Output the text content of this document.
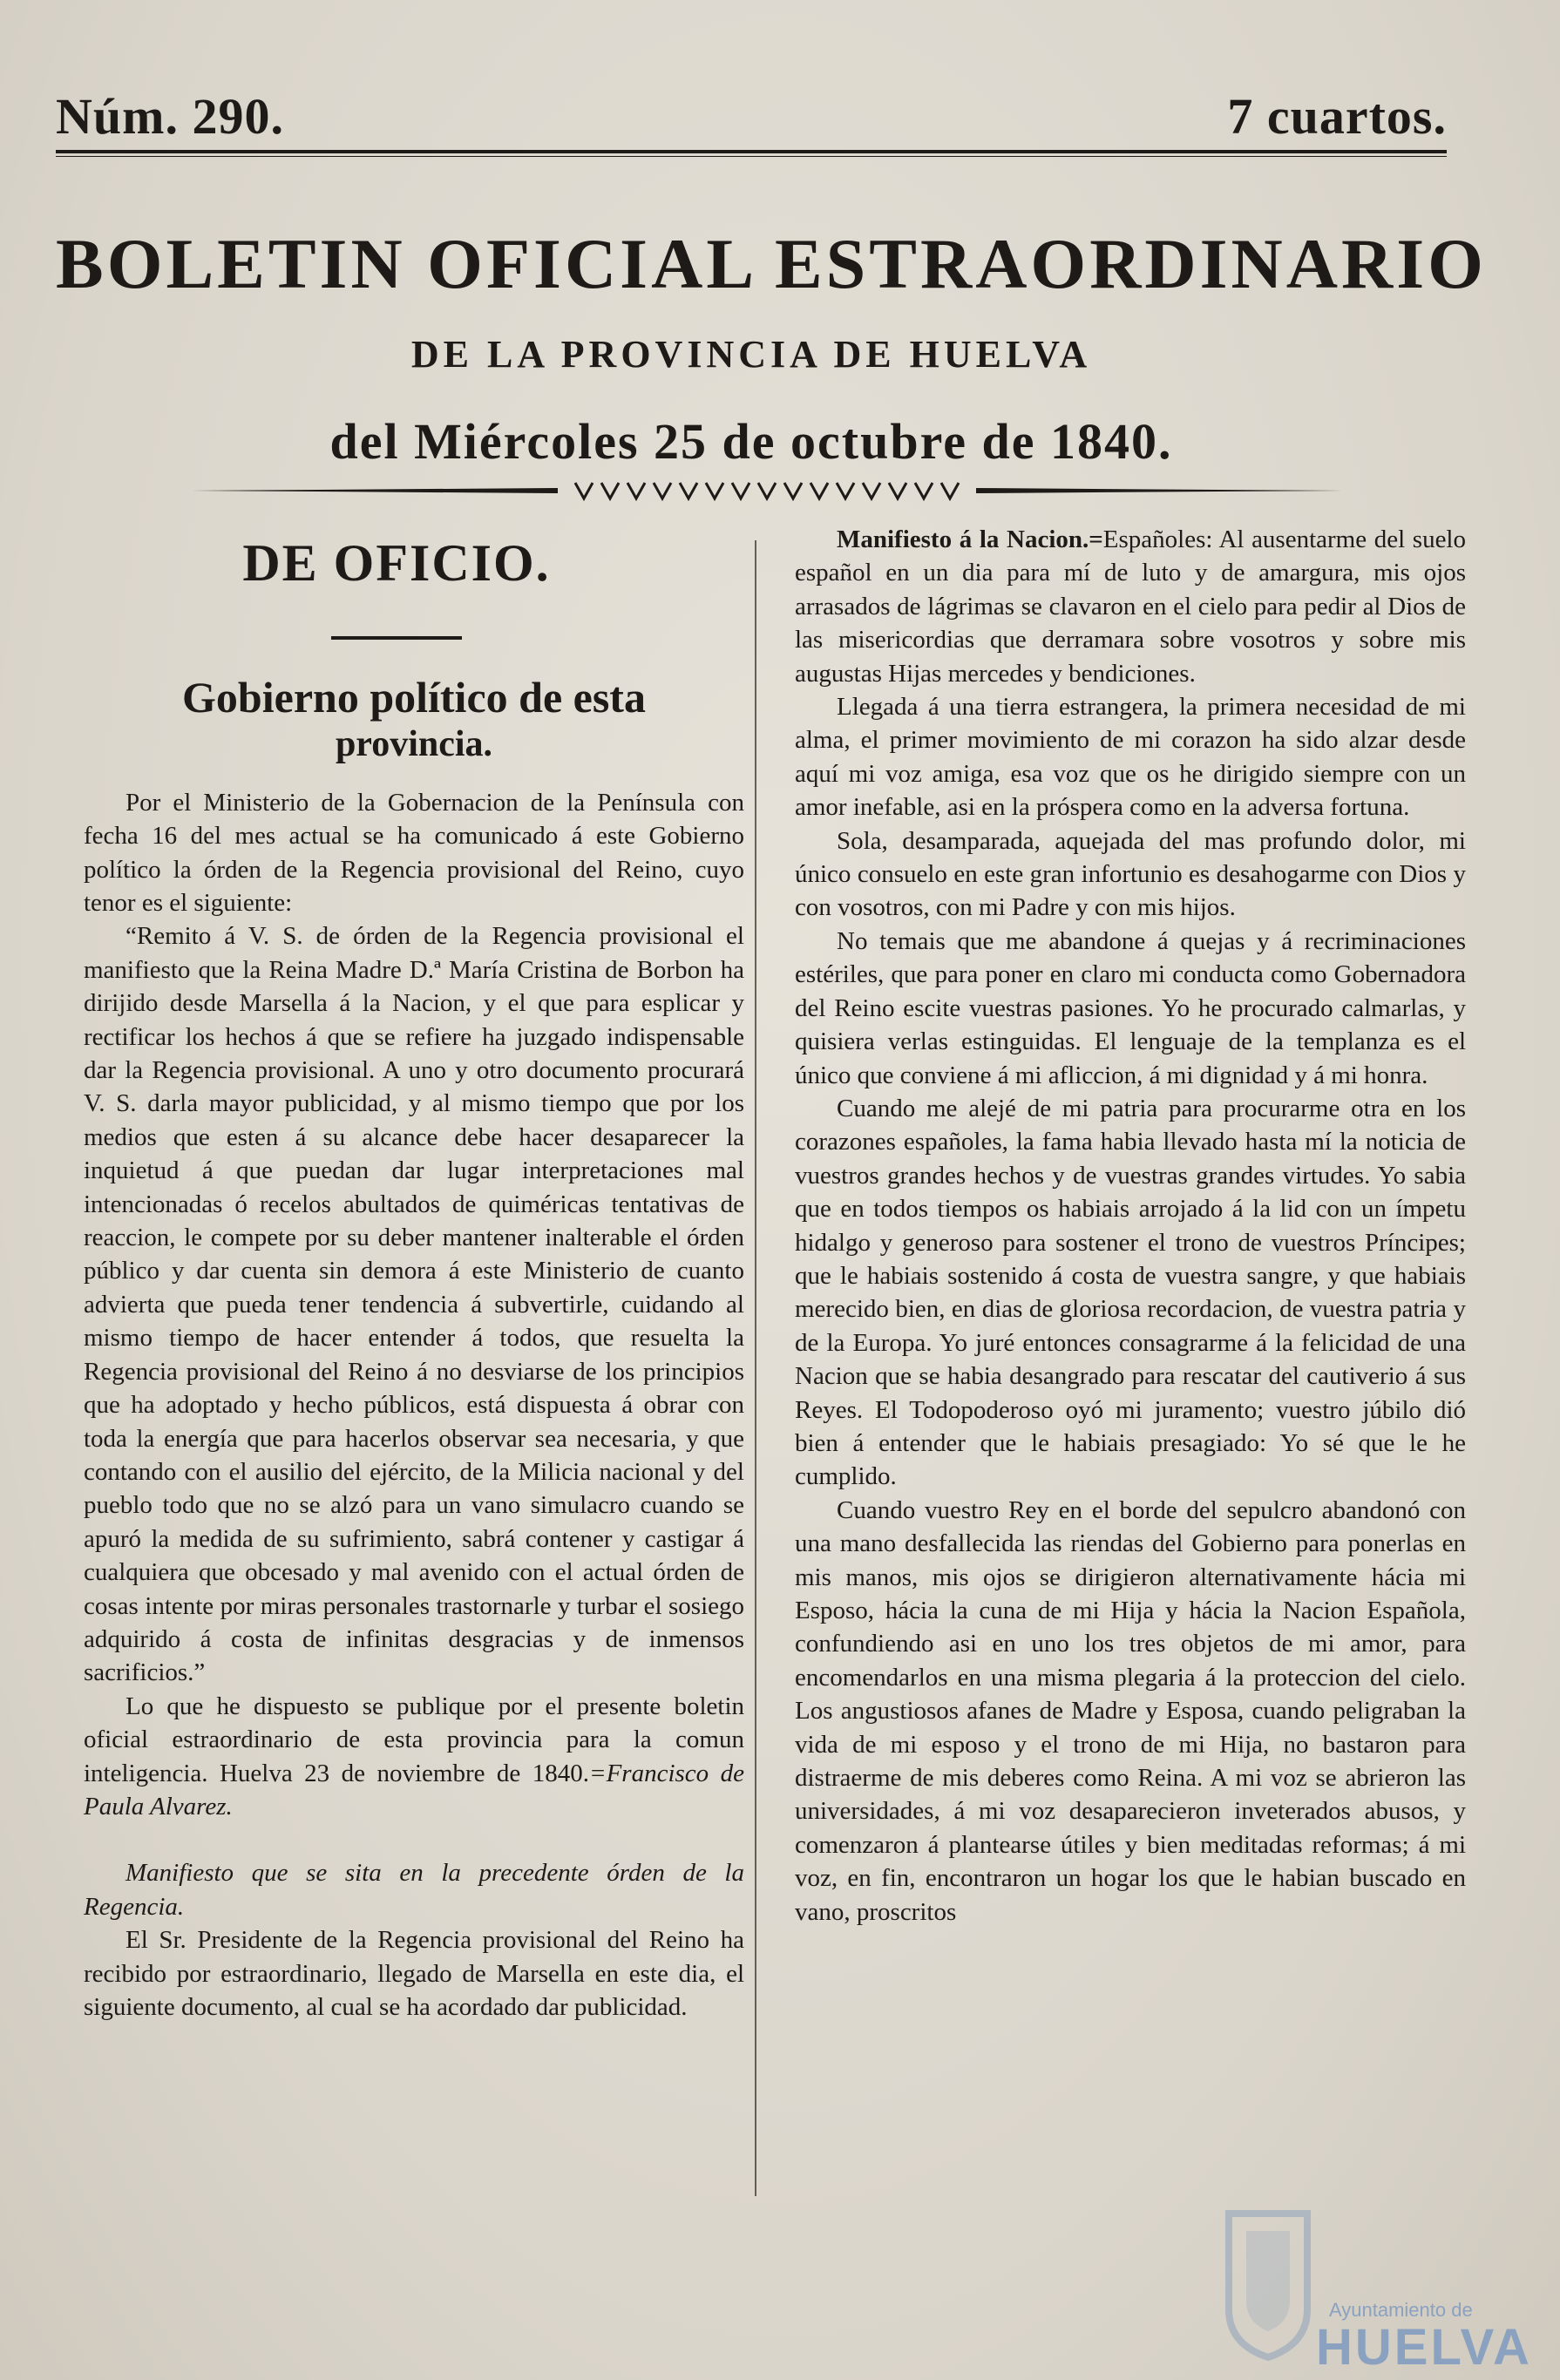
Núm. 290.	7 cuartos.
BOLETIN OFICIAL ESTRAORDINARIO
DE LA PROVINCIA DE HUELVA
del Miércoles 25 de octubre de 1840.
DE OFICIO.
Gobierno político de esta
provincia.

Por el Ministerio de la Gobernacion de la Península con fecha 16 del mes actual se ha comunicado á este Gobierno político la órden de la Regencia provisional del Reino, cuyo tenor es el siguiente:

“Remito á V. S. de órden de la Regencia provisional el manifiesto que la Reina Madre D.ª María Cristina de Borbon ha dirijido desde Marsella á la Nacion, y el que para esplicar y rectificar los hechos á que se refiere ha juzgado indispensable dar la Regencia provisional. A uno y otro documento procurará V. S. darla mayor publicidad, y al mismo tiempo que por los medios que esten á su alcance debe hacer desaparecer la inquietud á que puedan dar lugar interpretaciones mal intencionadas ó recelos abultados de quiméricas tentativas de reaccion, le compete por su deber mantener inalterable el órden público y dar cuenta sin demora á este Ministerio de cuanto advierta que pueda tener tendencia á subvertirle, cuidando al mismo tiempo de hacer entender á todos, que resuelta la Regencia provisional del Reino á no desviarse de los principios que ha adoptado y hecho públicos, está dispuesta á obrar con toda la energía que para hacerlos observar sea necesaria, y que contando con el ausilio del ejército, de la Milicia nacional y del pueblo todo que no se alzó para un vano simulacro cuando se apuró la medida de su sufrimiento, sabrá contener y castigar á cualquiera que obcesado y mal avenido con el actual órden de cosas intente por miras personales trastornarle y turbar el sosiego adquirido á costa de infinitas desgracias y de inmensos sacrificios.”

Lo que he dispuesto se publique por el presente boletin oficial estraordinario de esta provincia para la comun inteligencia. Huelva 23 de noviembre de 1840.=Francisco de Paula Alvarez.

Manifiesto que se sita en la precedente órden de la Regencia.

El Sr. Presidente de la Regencia provisional del Reino ha recibido por estraordinario, llegado de Marsella en este dia, el siguiente documento, al cual se ha acordado dar publicidad.

Manifiesto á la Nacion.=Españoles: Al ausentarme del suelo español en un dia para mí de luto y de amargura, mis ojos arrasados de lágrimas se clavaron en el cielo para pedir al Dios de las misericordias que derramara sobre vosotros y sobre mis augustas Hijas mercedes y bendiciones.

Llegada á una tierra estrangera, la primera necesidad de mi alma, el primer movimiento de mi corazon ha sido alzar desde aquí mi voz amiga, esa voz que os he dirigido siempre con un amor inefable, asi en la próspera como en la adversa fortuna.

Sola, desamparada, aquejada del mas profundo dolor, mi único consuelo en este gran infortunio es desahogarme con Dios y con vosotros, con mi Padre y con mis hijos.

No temais que me abandone á quejas y á recriminaciones estériles, que para poner en claro mi conducta como Gobernadora del Reino escite vuestras pasiones. Yo he procurado calmarlas, y quisiera verlas estinguidas. El lenguaje de la templanza es el único que conviene á mi afliccion, á mi dignidad y á mi honra.

Cuando me alejé de mi patria para procurarme otra en los corazones españoles, la fama habia llevado hasta mí la noticia de vuestros grandes hechos y de vuestras grandes virtudes. Yo sabia que en todos tiempos os habiais arrojado á la lid con un ímpetu hidalgo y generoso para sostener el trono de vuestros Príncipes; que le habiais sostenido á costa de vuestra sangre, y que habiais merecido bien, en dias de gloriosa recordacion, de vuestra patria y de la Europa. Yo juré entonces consagrarme á la felicidad de una Nacion que se habia desangrado para rescatar del cautiverio á sus Reyes. El Todopoderoso oyó mi juramento; vuestro júbilo dió bien á entender que le habiais presagiado: Yo sé que le he cumplido.

Cuando vuestro Rey en el borde del sepulcro abandonó con una mano desfallecida las riendas del Gobierno para ponerlas en mis manos, mis ojos se dirigieron alternativamente hácia mi Esposo, hácia la cuna de mi Hija y hácia la Nacion Española, confundiendo asi en uno los tres objetos de mi amor, para encomendarlos en una misma plegaria á la proteccion del cielo. Los angustiosos afanes de Madre y Esposa, cuando peligraban la vida de mi esposo y el trono de mi Hija, no bastaron para distraerme de mis deberes como Reina. A mi voz se abrieron las universidades, á mi voz desaparecieron inveterados abusos, y comenzaron á plantearse útiles y bien meditadas reformas; á mi voz, en fin, encontraron un hogar los que le habian buscado en vano, proscritos

Ayuntamiento de
HUELVA
